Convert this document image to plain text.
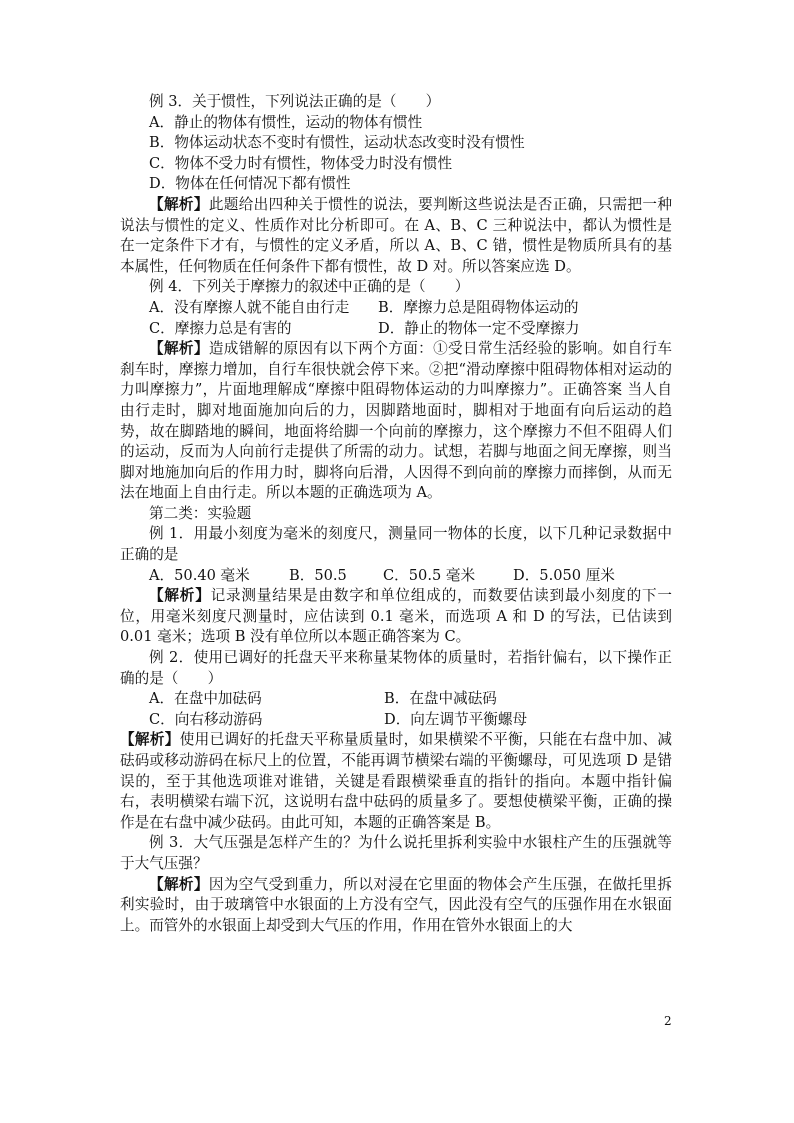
例 3．关于惯性，下列说法正确的是（　　）

A．静止的物体有惯性，运动的物体有惯性

B．物体运动状态不变时有惯性，运动状态改变时没有惯性

C．物体不受力时有惯性，物体受力时没有惯性

D．物体在任何情况下都有惯性

【解析】此题给出四种关于惯性的说法，要判断这些说法是否正确，只需把一种说法与惯性的定义、性质作对比分析即可。在 A、B、C 三种说法中，都认为惯性是在一定条件下才有，与惯性的定义矛盾，所以 A、B、C 错，惯性是物质所具有的基本属性，任何物质在任何条件下都有惯性，故 D 对。所以答案应选 D。

例 4．下列关于摩擦力的叙述中正确的是（　　）

A．没有摩擦人就不能自由行走	B．摩擦力总是阻碍物体运动的

C．摩擦力总是有害的	D．静止的物体一定不受摩擦力

【解析】造成错解的原因有以下两个方面：①受日常生活经验的影响。如自行车刹车时，摩擦力增加，自行车很快就会停下来。②把“滑动摩擦中阻碍物体相对运动的力叫摩擦力”，片面地理解成“摩擦中阻碍物体运动的力叫摩擦力”。正确答案 当人自由行走时，脚对地面施加向后的力，因脚踏地面时，脚相对于地面有向后运动的趋势，故在脚踏地的瞬间，地面将给脚一个向前的摩擦力，这个摩擦力不但不阻碍人们的运动，反而为人向前行走提供了所需的动力。试想，若脚与地面之间无摩擦，则当脚对地施加向后的作用力时，脚将向后滑，人因得不到向前的摩擦力而摔倒，从而无法在地面上自由行走。所以本题的正确选项为 A。

第二类：实验题

例 1．用最小刻度为毫米的刻度尺，测量同一物体的长度，以下几种记录数据中正确的是

A．50.40 毫米	B．50.5	C．50.5 毫米	D．5.050 厘米

【解析】记录测量结果是由数字和单位组成的，而数要估读到最小刻度的下一位，用毫米刻度尺测量时，应估读到 0.1 毫米，而选项 A 和 D 的写法，已估读到 0.01 毫米；选项 B 没有单位所以本题正确答案为 C。

例 2．使用已调好的托盘天平来称量某物体的质量时，若指针偏右，以下操作正确的是（　　）

A．在盘中加砝码	B．在盘中减砝码

C．向右移动游码	D．向左调节平衡螺母

【解析】使用已调好的托盘天平称量质量时，如果横梁不平衡，只能在右盘中加、减砝码或移动游码在标尺上的位置，不能再调节横梁右端的平衡螺母，可见选项 D 是错误的，至于其他选项谁对谁错，关键是看跟横梁垂直的指针的指向。本题中指针偏右，表明横梁右端下沉，这说明右盘中砝码的质量多了。要想使横梁平衡，正确的操作是在右盘中减少砝码。由此可知，本题的正确答案是 B。

例 3．大气压强是怎样产生的？为什么说托里拆利实验中水银柱产生的压强就等于大气压强？

【解析】因为空气受到重力，所以对浸在它里面的物体会产生压强，在做托里拆利实验时，由于玻璃管中水银面的上方没有空气，因此没有空气的压强作用在水银面上。而管外的水银面上却受到大气压的作用，作用在管外水银面上的大

2
